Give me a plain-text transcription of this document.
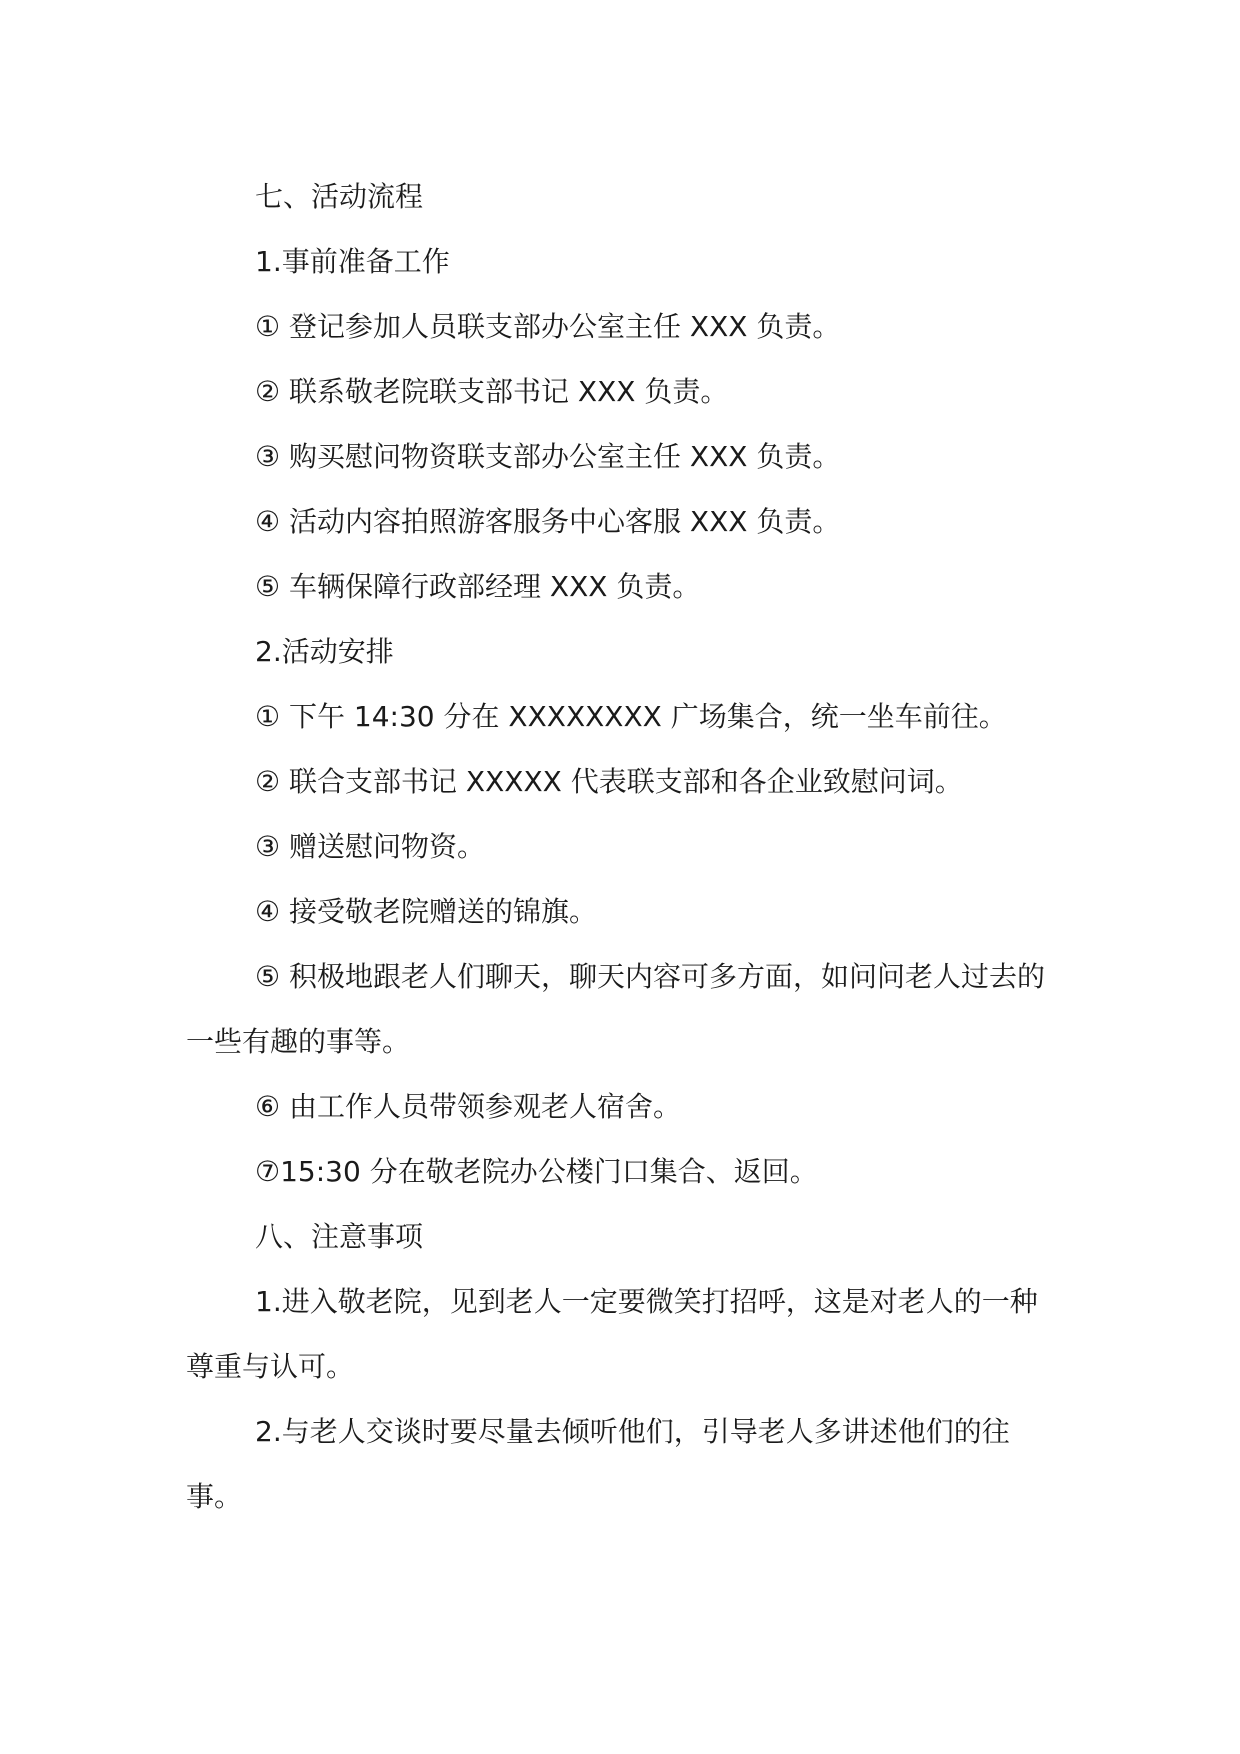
七、活动流程

1.事前准备工作

① 登记参加人员联支部办公室主任 XXX 负责。

② 联系敬老院联支部书记 XXX 负责。

③ 购买慰问物资联支部办公室主任 XXX 负责。

④ 活动内容拍照游客服务中心客服 XXX 负责。

⑤ 车辆保障行政部经理 XXX 负责。

2.活动安排

① 下午 14:30 分在 XXXXXXXX 广场集合，统一坐车前往。

② 联合支部书记 XXXXX 代表联支部和各企业致慰问词。

③ 赠送慰问物资。

④ 接受敬老院赠送的锦旗。

⑤ 积极地跟老人们聊天，聊天内容可多方面，如问问老人过去的一些有趣的事等。

⑥ 由工作人员带领参观老人宿舍。

⑦15:30 分在敬老院办公楼门口集合、返回。

八、注意事项

1.进入敬老院，见到老人一定要微笑打招呼，这是对老人的一种尊重与认可。

2.与老人交谈时要尽量去倾听他们，引导老人多讲述他们的往事。
